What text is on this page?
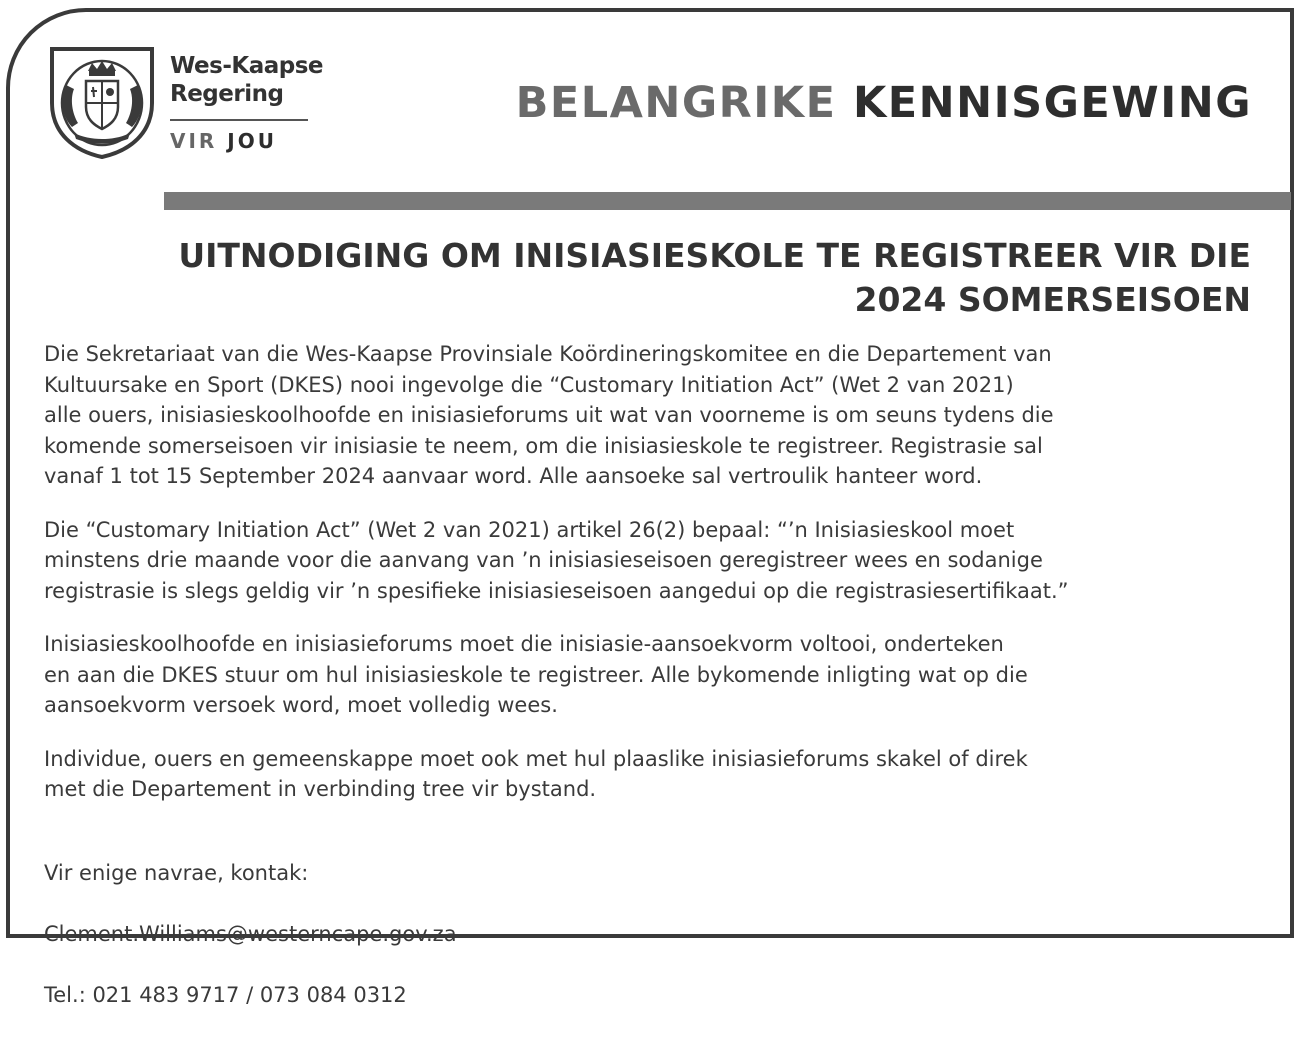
Wes-Kaapse
Regering
VIR JOU
BELANGRIKE KENNISGEWING
UITNODIGING OM INISIASIESKOLE TE REGISTREER VIR DIE
2024 SOMERSEISOEN

Die Sekretariaat van die Wes-Kaapse Provinsiale Koördineringskomitee en die Departement van
Kultuursake en Sport (DKES) nooi ingevolge die “Customary Initiation Act” (Wet 2 van 2021)
alle ouers, inisiasieskoolhoofde en inisiasieforums uit wat van voorneme is om seuns tydens die
komende somerseisoen vir inisiasie te neem, om die inisiasieskole te registreer. Registrasie sal
vanaf 1 tot 15 September 2024 aanvaar word. Alle aansoeke sal vertroulik hanteer word.

Die “Customary Initiation Act” (Wet 2 van 2021) artikel 26(2) bepaal: “’n Inisiasieskool moet
minstens drie maande voor die aanvang van ’n inisiasieseisoen geregistreer wees en sodanige
registrasie is slegs geldig vir ’n spesifieke inisiasieseisoen aangedui op die registrasiesertifikaat.”

Inisiasieskoolhoofde en inisiasieforums moet die inisiasie-aansoekvorm voltooi, onderteken
en aan die DKES stuur om hul inisiasieskole te registreer. Alle bykomende inligting wat op die
aansoekvorm versoek word, moet volledig wees.

Individue, ouers en gemeenskappe moet ook met hul plaaslike inisiasieforums skakel of direk
met die Departement in verbinding tree vir bystand.

Vir enige navrae, kontak:

Clement.Williams@westerncape.gov.za

Tel.: 021 483 9717 / 073 084 0312
